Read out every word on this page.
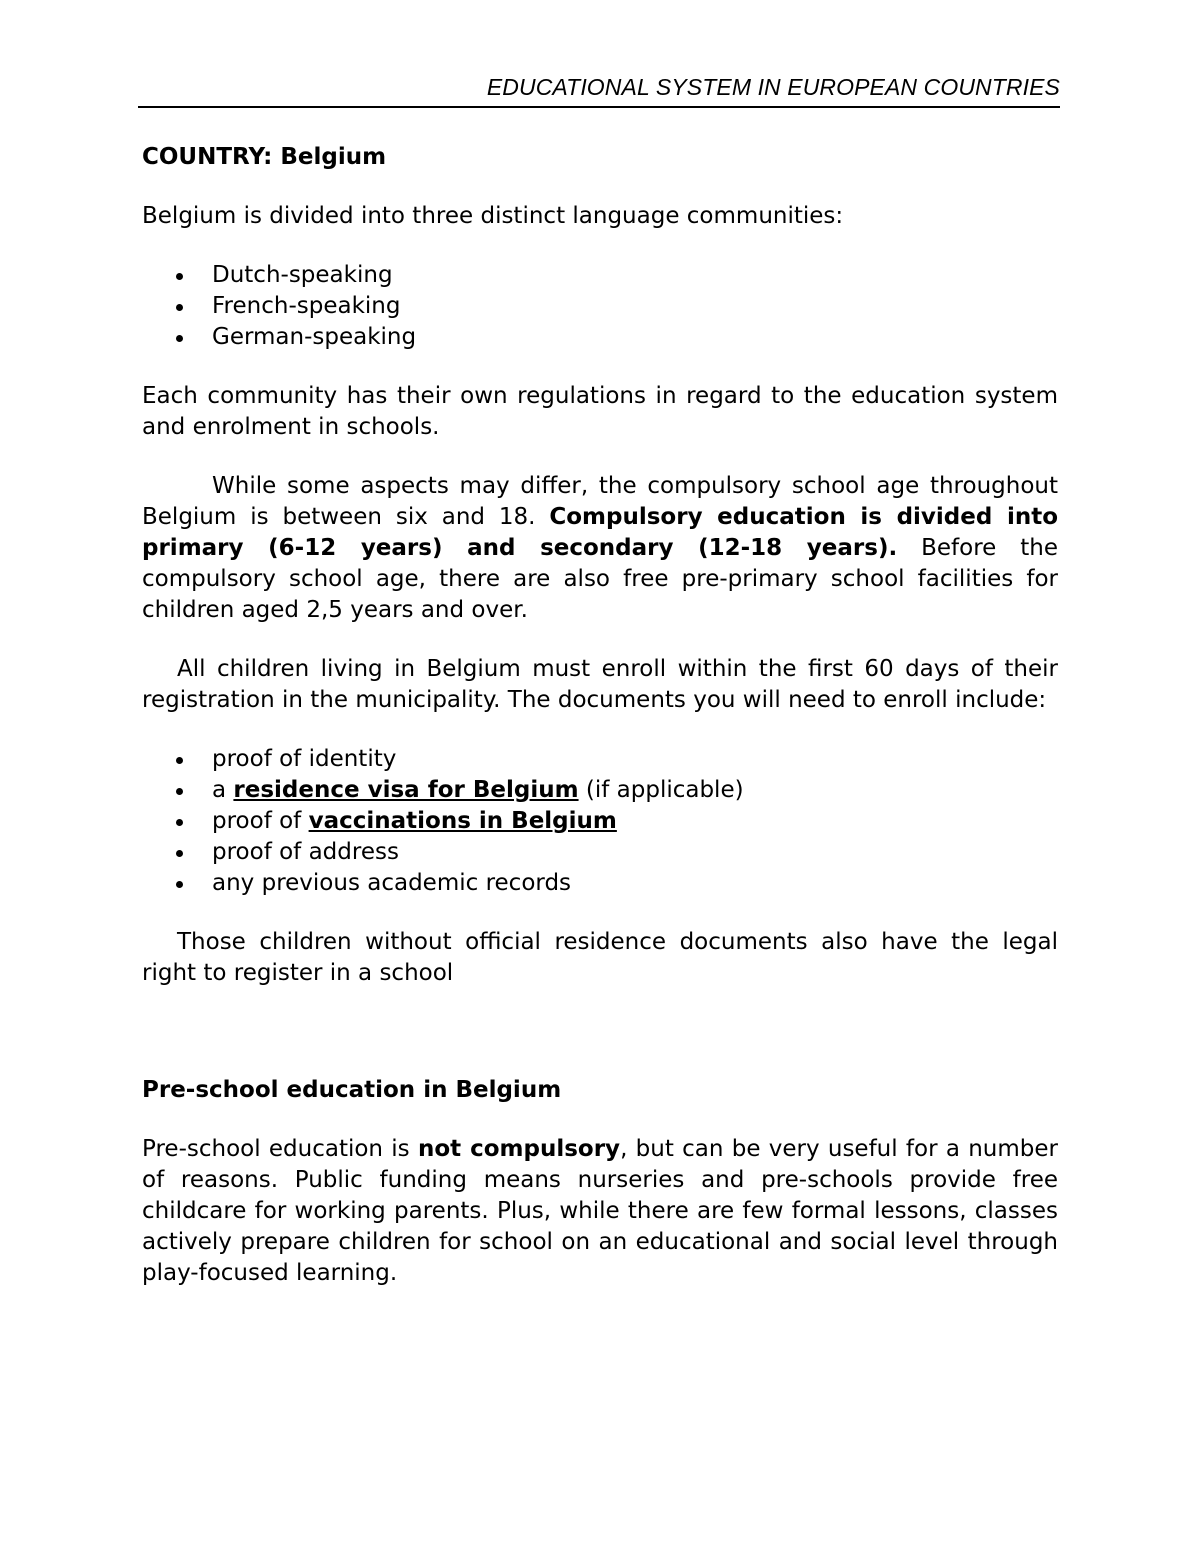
EDUCATIONAL SYSTEM IN EUROPEAN COUNTRIES
COUNTRY: Belgium

Belgium is divided into three distinct language communities:

Dutch-speaking
French-speaking
German-speaking

Each community has their own regulations in regard to the education system and enrolment in schools.

While some aspects may differ, the compulsory school age throughout Belgium is between six and 18. Compulsory education is divided into primary (6-12 years) and secondary (12-18 years). Before the compulsory school age, there are also free pre-primary school facilities for children aged 2,5 years and over.

All children living in Belgium must enroll within the first 60 days of their registration in the municipality. The documents you will need to enroll include:

proof of identity
a residence visa for Belgium (if applicable)
proof of vaccinations in Belgium
proof of address
any previous academic records

Those children without official residence documents also have the legal right to register in a school

Pre-school education in Belgium

Pre-school education is not compulsory, but can be very useful for a number of reasons. Public funding means nurseries and pre-schools provide free childcare for working parents. Plus, while there are few formal lessons, classes actively prepare children for school on an educational and social level through play-focused learning.
